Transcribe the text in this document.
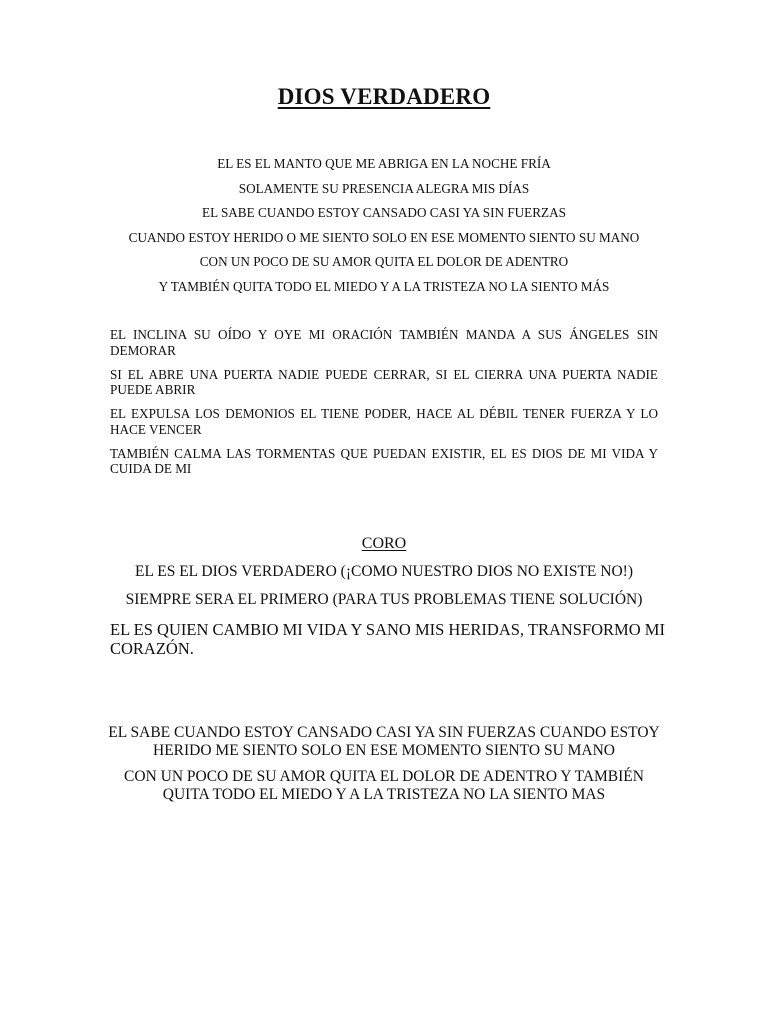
DIOS VERDADERO
EL ES EL MANTO QUE ME ABRIGA EN LA NOCHE FRÍA
SOLAMENTE SU PRESENCIA ALEGRA MIS DÍAS
EL SABE CUANDO ESTOY CANSADO CASI YA SIN FUERZAS
CUANDO ESTOY HERIDO O ME SIENTO SOLO EN ESE MOMENTO SIENTO SU MANO
CON UN POCO DE SU AMOR QUITA EL DOLOR DE ADENTRO
Y TAMBIÉN QUITA TODO EL MIEDO Y A LA TRISTEZA NO LA SIENTO MÁS
EL INCLINA SU OÍDO Y OYE MI ORACIÓN TAMBIÉN MANDA A SUS ÁNGELES SIN DEMORAR
SI EL ABRE UNA PUERTA NADIE PUEDE CERRAR, SI EL CIERRA UNA PUERTA NADIE PUEDE ABRIR
EL EXPULSA LOS DEMONIOS EL TIENE PODER, HACE AL DÉBIL TENER FUERZA Y LO HACE VENCER
TAMBIÉN CALMA LAS TORMENTAS QUE PUEDAN EXISTIR, EL ES DIOS DE MI VIDA Y CUIDA DE MI
CORO
EL ES EL DIOS VERDADERO (¡COMO NUESTRO DIOS NO EXISTE NO!)
SIEMPRE SERA EL PRIMERO (PARA TUS PROBLEMAS TIENE SOLUCIÓN)
EL ES QUIEN CAMBIO MI VIDA Y SANO MIS HERIDAS, TRANSFORMO MI CORAZÓN.
EL SABE CUANDO ESTOY CANSADO CASI YA SIN FUERZAS CUANDO ESTOY HERIDO ME SIENTO SOLO EN ESE MOMENTO SIENTO SU MANO
CON UN POCO DE SU AMOR QUITA EL DOLOR DE ADENTRO Y TAMBIÉN QUITA TODO EL MIEDO Y A LA TRISTEZA NO LA SIENTO MAS
